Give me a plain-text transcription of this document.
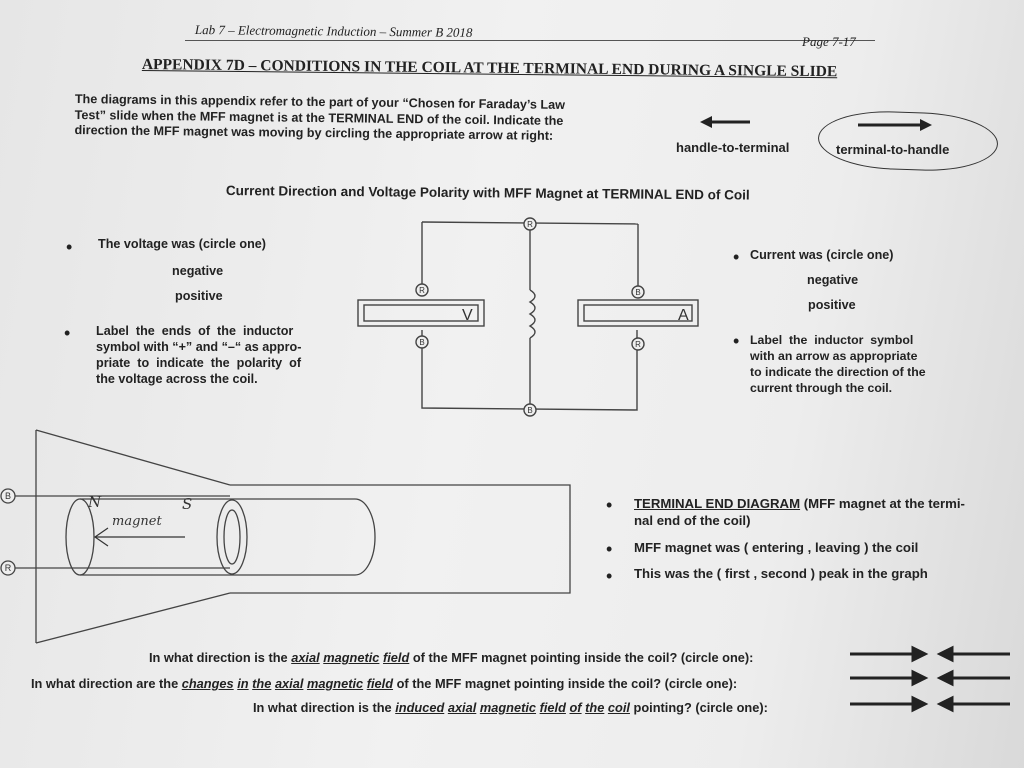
Lab 7 – Electromagnetic Induction – Summer B 2018
Page 7-17
APPENDIX 7D – CONDITIONS IN THE COIL AT THE TERMINAL END DURING A SINGLE SLIDE
The diagrams in this appendix refer to the part of your “Chosen for Faraday’s Law
Test” slide when the MFF magnet is at the TERMINAL END of the coil. Indicate the
direction the MFF magnet was moving by circling the appropriate arrow at right:
handle-to-terminal	terminal-to-handle
Current Direction and Voltage Polarity with MFF Magnet at TERMINAL END of Coil
• The voltage was (circle one)
negative
positive
• Label  the  ends  of  the  inductor
symbol with “+” and “–“ as appro-
priate  to  indicate  the  polarity  of
the voltage across the coil.
R
R
B
B
R
B
V	A
• Current was (circle one)
negative
positive
• Label  the  inductor  symbol
with an arrow as appropriate
to indicate the direction of the
current through the coil.
B
R
N	S
magnet
• TERMINAL END DIAGRAM (MFF magnet at the termi-
nal end of the coil)
• MFF magnet was ( entering , leaving ) the coil
• This was the ( first , second ) peak in the graph
In what direction is the axial magnetic field of the MFF magnet pointing inside the coil? (circle one):
In what direction are the changes in the axial magnetic field of the MFF magnet pointing inside the coil? (circle one):
In what direction is the induced axial magnetic field of the coil pointing? (circle one):
